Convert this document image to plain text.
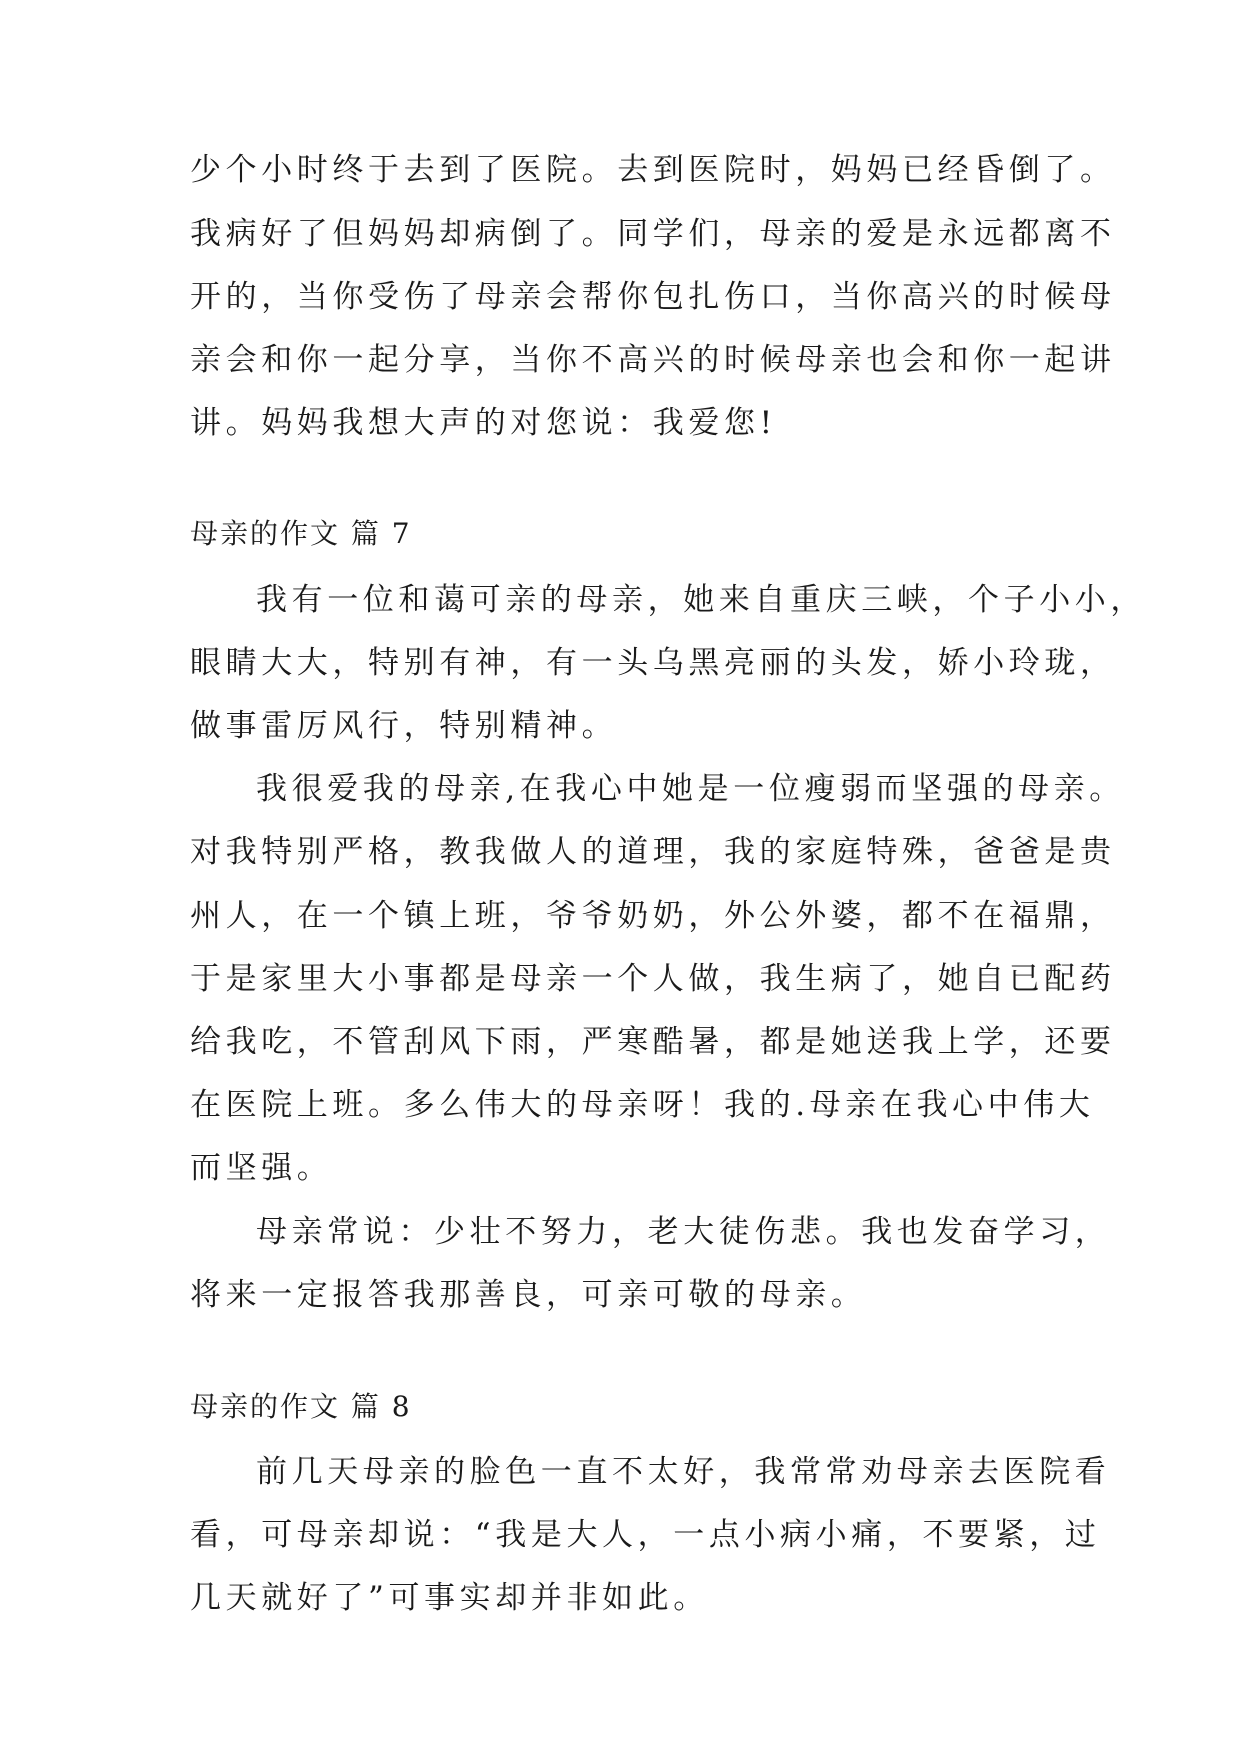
少个小时终于去到了医院。去到医院时，妈妈已经昏倒了。
我病好了但妈妈却病倒了。同学们，母亲的爱是永远都离不
开的，当你受伤了母亲会帮你包扎伤口，当你高兴的时候母
亲会和你一起分享，当你不高兴的时候母亲也会和你一起讲
讲。妈妈我想大声的对您说：我爱您!
母亲的作文 篇 7
我有一位和蔼可亲的母亲，她来自重庆三峡，个子小小，
眼睛大大，特别有神，有一头乌黑亮丽的头发，娇小玲珑，
做事雷厉风行，特别精神。
我很爱我的母亲,在我心中她是一位瘦弱而坚强的母亲。
对我特别严格，教我做人的道理，我的家庭特殊，爸爸是贵
州人，在一个镇上班，爷爷奶奶，外公外婆，都不在福鼎，
于是家里大小事都是母亲一个人做，我生病了，她自已配药
给我吃，不管刮风下雨，严寒酷暑，都是她送我上学，还要
在医院上班。多么伟大的母亲呀！我的.母亲在我心中伟大
而坚强。
母亲常说：少壮不努力，老大徒伤悲。我也发奋学习，
将来一定报答我那善良，可亲可敬的母亲。
母亲的作文 篇 8
前几天母亲的脸色一直不太好，我常常劝母亲去医院看
看，可母亲却说：“我是大人，一点小病小痛，不要紧，过
几天就好了”可事实却并非如此。
